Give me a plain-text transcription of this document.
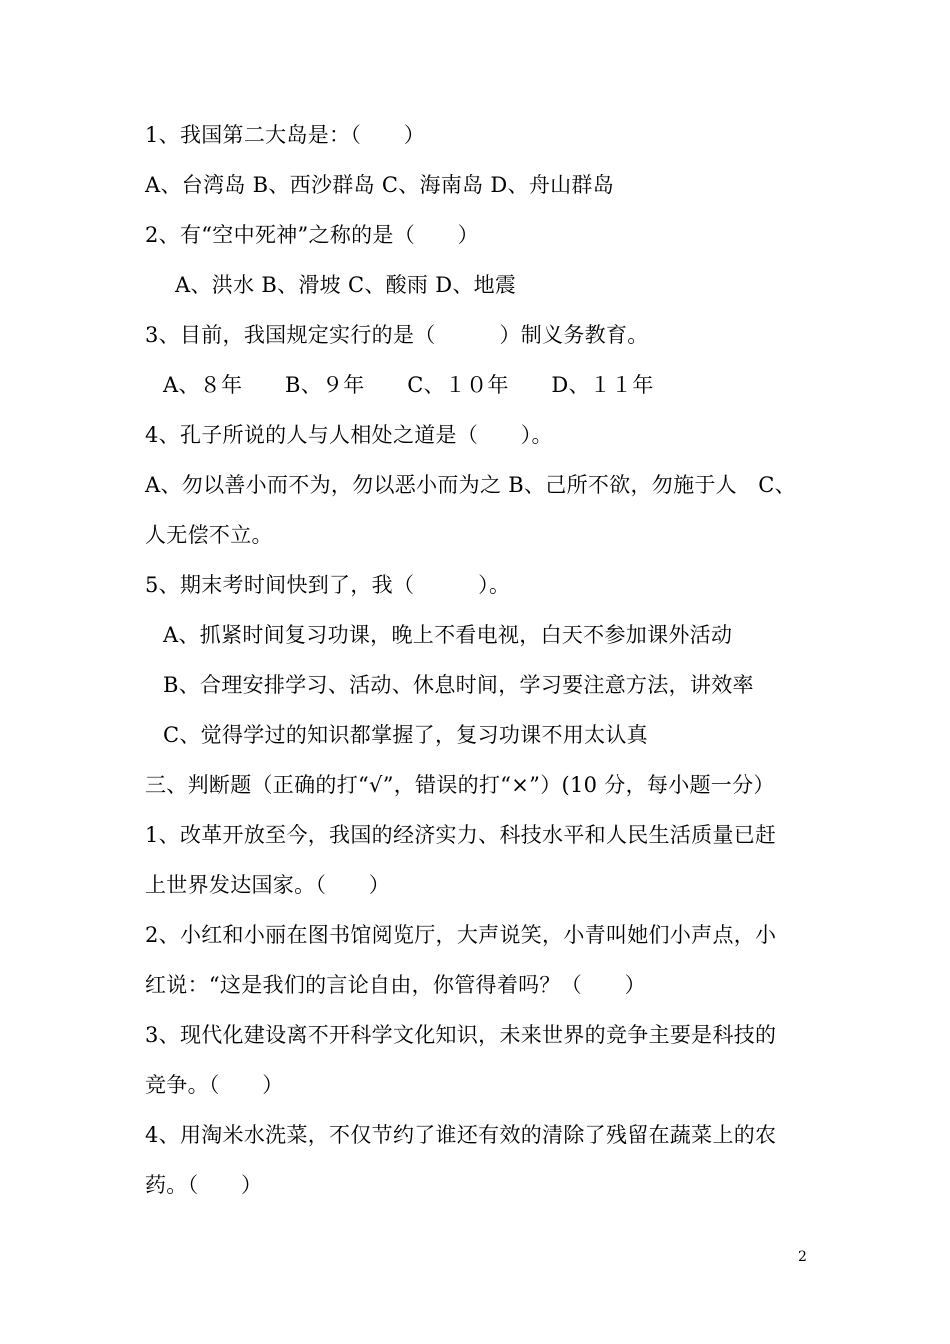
1、我国第二大岛是：（　　）
A、台湾岛 B、西沙群岛 C、海南岛 D、舟山群岛
2、有“空中死神”之称的是（　　）
A、洪水 B、滑坡 C、酸雨 D、地震
3、目前，我国规定实行的是（　　　）制义务教育。
A、８年　　B、９年　　C、１０年　　D、１１年
4、孔子所说的人与人相处之道是（　　）。
A、勿以善小而不为，勿以恶小而为之 B、己所不欲，勿施于人　C、
人无偿不立。
5、期末考时间快到了，我（　　　）。
A、抓紧时间复习功课，晚上不看电视，白天不参加课外活动
B、合理安排学习、活动、休息时间，学习要注意方法，讲效率
C、觉得学过的知识都掌握了，复习功课不用太认真
三、判断题（正确的打“√”，错误的打“×”）(10 分，每小题一分）
1、改革开放至今，我国的经济实力、科技水平和人民生活质量已赶
上世界发达国家。（　　）
2、小红和小丽在图书馆阅览厅，大声说笑，小青叫她们小声点，小
红说：“这是我们的言论自由，你管得着吗？（　　）
3、现代化建设离不开科学文化知识，未来世界的竞争主要是科技的
竞争。（　　）
4、用淘米水洗菜，不仅节约了谁还有效的清除了残留在蔬菜上的农
药。（　　）
2
